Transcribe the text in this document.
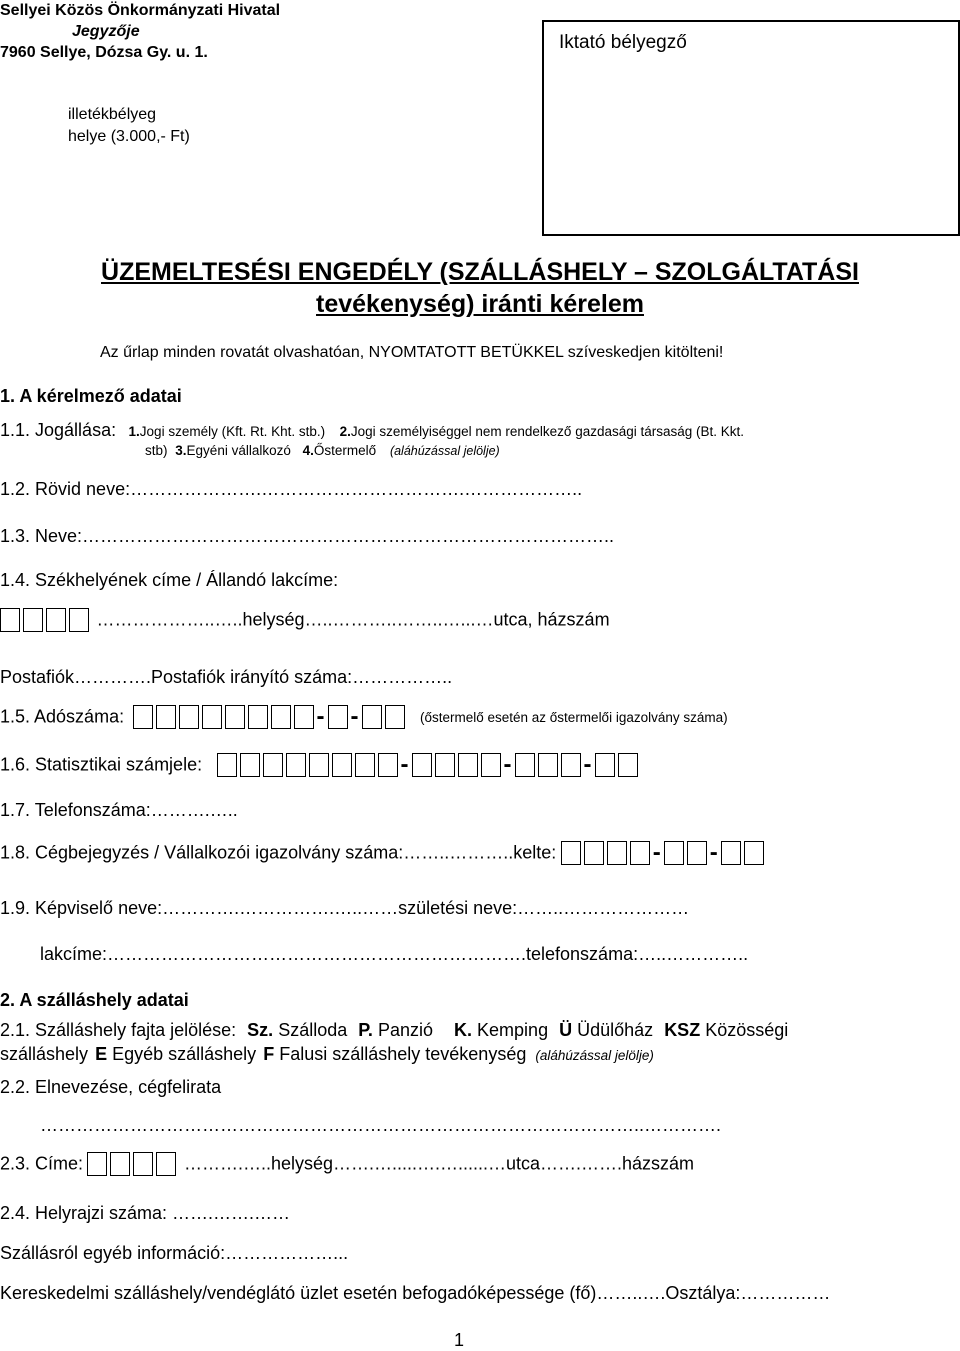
Sellyei Közös Önkormányzati Hivatal
Jegyzője
7960 Sellye, Dózsa Gy. u. 1.	Iktató bélyegző
illetékbélyeg
helye (3.000,- Ft)
ÜZEMELTESÉSI ENGEDÉLY (SZÁLLÁSHELY – SZOLGÁLTATÁSI
tevékenység) iránti kérelem
Az űrlap minden rovatát olvashatóan, NYOMTATOTT BETÜKKEL szíveskedjen kitölteni!
1. A kérelmező adatai
1.1. Jogállása: 1.Jogi személy (Kft. Rt. Kht. stb.) 2.Jogi személyiséggel nem rendelkező gazdasági társaság (Bt. Kkt.
stb) 3.Egyéni vállalkozó 4.Őstermelő (aláhúzással jelölje)
1.2. Rövid neve:………………….…………………………….………………..
1.3. Neve:……………………………………………………………………………..
1.4. Székhelyének címe / Állandó lakcíme:
………………..…..helység…..………..……..…...…utca, házszám
Postafiók………….Postafiók irányító száma:……………..
1.5. Adószáma:	- -	(őstermelő esetén az őstermelői igazolvány száma)
1.6. Statisztikai számjele:	-	-	-
1.7. Telefonszáma:……….…..
1.8. Cégbejegyzés / Vállalkozói igazolvány száma:……..………..kelte:	- -
1.9. Képviselő neve:………….…………….…..……születési neve:……..…………………
lakcíme:…………………………………………………………….telefonszáma:…..…………..
2. A szálláshely adatai
2.1. Szálláshely fajta jelölése: Sz. Szálloda P. Panzió K. Kemping Ü Üdülőház KSZ Közösségi
szálláshely E Egyéb szálláshely F Falusi szálláshely tevékenység (aláhúzással jelölje)
2.2. Elnevezése, cégfelirata
………………………………………………………………………………………..………….
2.3. Címe:	……….…..helység…….….....….…......…utca…….…….házszám
2.4. Helyrajzi száma: …….…….……
Szállásról egyéb információ:………………...
Kereskedelmi szálláshely/vendéglátó üzlet esetén befogadóképessége (fő)……..….Osztálya:……………
1
